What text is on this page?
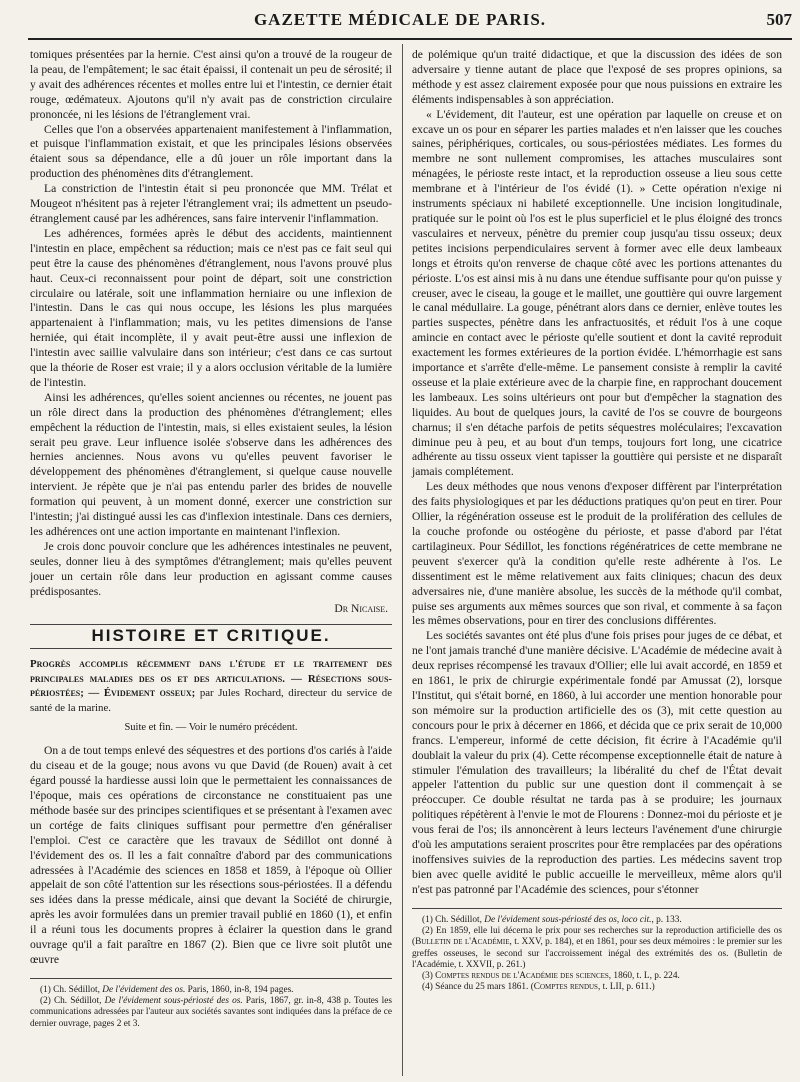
GAZETTE MÉDICALE DE PARIS.	507

tomiques présentées par la hernie. C'est ainsi qu'on a trouvé de la rougeur de la peau, de l'empâtement; le sac était épaissi, il contenait un peu de sérosité; il y avait des adhérences récentes et molles entre lui et l'intestin, ce dernier était rouge, œdémateux. Ajoutons qu'il n'y avait pas de constriction circulaire prononcée, ni les lésions de l'étranglement vrai.

Celles que l'on a observées appartenaient manifestement à l'inflammation, et puisque l'inflammation existait, et que les principales lésions observées étaient sous sa dépendance, elle a dû jouer un rôle important dans la production des phénomènes dits d'étranglement.

La constriction de l'intestin était si peu prononcée que MM. Trélat et Mougeot n'hésitent pas à rejeter l'étranglement vrai; ils admettent un pseudo-étranglement causé par les adhérences, sans faire intervenir l'inflammation.

Les adhérences, formées après le début des accidents, maintiennent l'intestin en place, empêchent sa réduction; mais ce n'est pas ce fait seul qui peut être la cause des phénomènes d'étranglement, nous l'avons prouvé plus haut. Ceux-ci reconnaissent pour point de départ, soit une constriction circulaire ou latérale, soit une inflammation herniaire ou une inflexion de l'intestin. Dans le cas qui nous occupe, les lésions les plus marquées appartenaient à l'inflammation; mais, vu les petites dimensions de l'anse herniée, qui était incomplète, il y avait peut-être aussi une inflexion de l'intestin avec saillie valvulaire dans son intérieur; c'est dans ce cas surtout que la théorie de Roser est vraie; il y a alors occlusion véritable de la lumière de l'intestin.

Ainsi les adhérences, qu'elles soient anciennes ou récentes, ne jouent pas un rôle direct dans la production des phénomènes d'étranglement; elles empêchent la réduction de l'intestin, mais, si elles existaient seules, la lésion serait peu grave. Leur influence isolée s'observe dans les adhérences des hernies anciennes. Nous avons vu qu'elles peuvent favoriser le développement des phénomènes d'étranglement, si quelque cause nouvelle intervient. Je répète que je n'ai pas entendu parler des brides de nouvelle formation qui peuvent, à un moment donné, exercer une constriction sur l'intestin; j'ai distingué aussi les cas d'inflexion intestinale. Dans ces derniers, les adhérences ont une action importante en maintenant l'inflexion.

Je crois donc pouvoir conclure que les adhérences intestinales ne peuvent, seules, donner lieu à des symptômes d'étranglement; mais qu'elles peuvent jouer un certain rôle dans leur production en agissant comme causes prédisposantes.

Dr Nicaise.
HISTOIRE ET CRITIQUE.

Progrès accomplis récemment dans l'étude et le traitement des principales maladies des os et des articulations. — Résections sous-périostées; — Évidement osseux; par Jules Rochard, directeur du service de santé de la marine.

Suite et fin. — Voir le numéro précédent.

On a de tout temps enlevé des séquestres et des portions d'os cariés à l'aide du ciseau et de la gouge; nous avons vu que David (de Rouen) avait à cet égard poussé la hardiesse aussi loin que le permettaient les connaissances de l'époque, mais ces opérations de circonstance ne constituaient pas une méthode basée sur des principes scientifiques et se présentant à l'examen avec un cortége de faits cliniques suffisant pour permettre d'en généraliser l'emploi. C'est ce caractère que les travaux de Sédillot ont donné à l'évidement des os. Il les a fait connaître d'abord par des communications adressées à l'Académie des sciences en 1858 et 1859, à l'époque où Ollier appelait de son côté l'attention sur les résections sous-périostées. Il a défendu ses idées dans la presse médicale, ainsi que devant la Société de chirurgie, après les avoir formulées dans un premier travail publié en 1860 (1), et enfin il a réuni tous les documents propres à éclairer la question dans le grand ouvrage qu'il a fait paraître en 1867 (2). Bien que ce livre soit plutôt une œuvre

(1) Ch. Sédillot, De l'évidement des os. Paris, 1860, in-8, 194 pages.

(2) Ch. Sédillot, De l'évidement sous-périosté des os. Paris, 1867, gr. in-8, 438 p. Toutes les communications adressées par l'auteur aux sociétés savantes sont indiquées dans la préface de ce dernier ouvrage, pages 2 et 3.

de polémique qu'un traité didactique, et que la discussion des idées de son adversaire y tienne autant de place que l'exposé de ses propres opinions, sa méthode y est assez clairement exposée pour que nous puissions en extraire les éléments indispensables à son appréciation.

« L'évidement, dit l'auteur, est une opération par laquelle on creuse et on excave un os pour en séparer les parties malades et n'en laisser que les couches saines, périphériques, corticales, ou sous-périostées médiates. Les formes du membre ne sont nullement compromises, les attaches musculaires sont ménagées, le périoste reste intact, et la reproduction osseuse a lieu sous cette membrane et à l'intérieur de l'os évidé (1). » Cette opération n'exige ni instruments spéciaux ni habileté exceptionnelle. Une incision longitudinale, pratiquée sur le point où l'os est le plus superficiel et le plus éloigné des troncs vasculaires et nerveux, pénètre du premier coup jusqu'au tissu osseux; deux petites incisions perpendiculaires servent à former avec elle deux lambeaux longs et étroits qu'on renverse de chaque côté avec les portions attenantes du périoste. L'os est ainsi mis à nu dans une étendue suffisante pour qu'on puisse y creuser, avec le ciseau, la gouge et le maillet, une gouttière qui ouvre largement le canal médullaire. La gouge, pénétrant alors dans ce dernier, enlève toutes les parties suspectes, pénètre dans les anfractuosités, et réduit l'os à une coque amincie en contact avec le périoste qu'elle soutient et dont la cavité reproduit exactement les formes extérieures de la portion évidée. L'hémorrhagie est sans importance et s'arrête d'elle-même. Le pansement consiste à remplir la cavité osseuse et la plaie extérieure avec de la charpie fine, en rapprochant doucement les lambeaux. Les soins ultérieurs ont pour but d'empêcher la stagnation des liquides. Au bout de quelques jours, la cavité de l'os se couvre de bourgeons charnus; il s'en détache parfois de petits séquestres moléculaires; l'excavation diminue peu à peu, et au bout d'un temps, toujours fort long, une cicatrice adhérente au tissu osseux vient tapisser la gouttière qui persiste et ne disparaît jamais complétement.

Les deux méthodes que nous venons d'exposer diffèrent par l'interprétation des faits physiologiques et par les déductions pratiques qu'on peut en tirer. Pour Ollier, la régénération osseuse est le produit de la prolifération des cellules de la couche profonde ou ostéogène du périoste, et passe d'abord par l'état cartilagineux. Pour Sédillot, les fonctions régénératrices de cette membrane ne peuvent s'exercer qu'à la condition qu'elle reste adhérente à l'os. Le dissentiment est le même relativement aux faits cliniques; chacun des deux adversaires nie, d'une manière absolue, les succès de la méthode qu'il combat, puise ses arguments aux mêmes sources que son rival, et commente à sa façon les mêmes observations, pour en tirer des conclusions différentes.

Les sociétés savantes ont été plus d'une fois prises pour juges de ce débat, et ne l'ont jamais tranché d'une manière décisive. L'Académie de médecine avait à deux reprises récompensé les travaux d'Ollier; elle lui avait accordé, en 1859 et en 1861, le prix de chirurgie expérimentale fondé par Amussat (2), lorsque l'Institut, qui s'était borné, en 1860, à lui accorder une mention honorable pour son mémoire sur la production artificielle des os (3), mit cette question au concours pour le prix à décerner en 1866, et décida que ce prix serait de 10,000 francs. L'empereur, informé de cette décision, fit écrire à l'Académie qu'il doublait la valeur du prix (4). Cette récompense exceptionnelle était de nature à stimuler l'émulation des travailleurs; la libéralité du chef de l'État devait appeler l'attention du public sur une question dont il commençait à se préoccuper. Ce double résultat ne tarda pas à se produire; les journaux politiques répétèrent à l'envie le mot de Flourens : Donnez-moi du périoste et je vous ferai de l'os; ils annoncèrent à leurs lecteurs l'avénement d'une chirurgie d'où les amputations seraient proscrites pour être remplacées par des opérations inoffensives suivies de la reproduction des parties. Les médecins savent trop bien avec quelle avidité le public accueille le merveilleux, même alors qu'il n'est pas patronné par l'Académie des sciences, pour s'étonner

(1) Ch. Sédillot, De l'évidement sous-périosté des os, loco cit., p. 133.

(2) En 1859, elle lui décerna le prix pour ses recherches sur la reproduction artificielle des os (Bulletin de l'Académie, t. XXV, p. 184), et en 1861, pour ses deux mémoires : le premier sur les greffes osseuses, le second sur l'accroissement inégal des extrémités des os. (Bulletin de l'Académie, t. XXVII, p. 261.)

(3) Comptes rendus de l'Académie des sciences, 1860, t. L, p. 224.

(4) Séance du 25 mars 1861. (Comptes rendus, t. LII, p. 611.)
